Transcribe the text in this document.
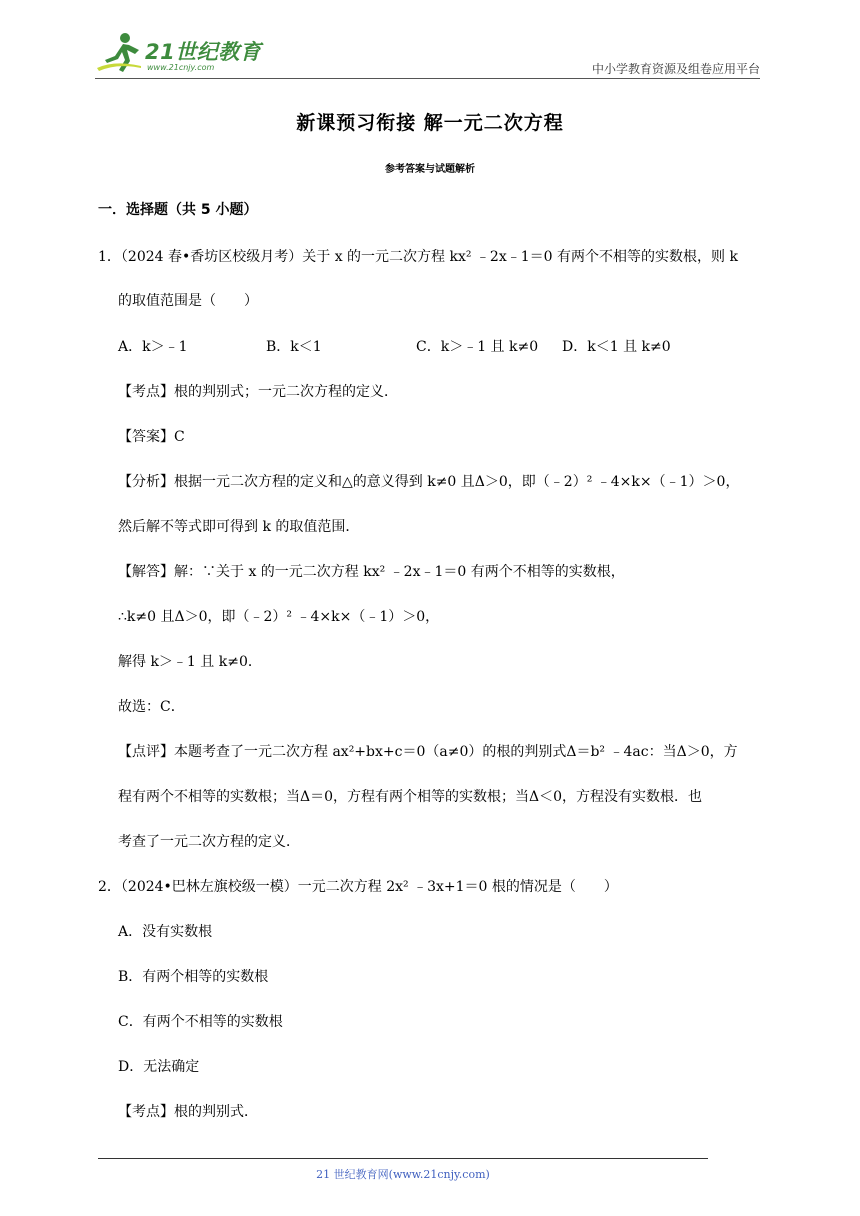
21世纪教育
www.21cnjy.com	中小学教育资源及组卷应用平台
新课预习衔接 解一元二次方程
参考答案与试题解析
一．选择题（共 5 小题）
1．（2024 春•香坊区校级月考）关于 x 的一元二次方程 kx² ﹣2x﹣1＝0 有两个不相等的实数根，则 k
的取值范围是（　　）
A．k＞﹣1	B．k＜1	C．k＞﹣1 且 k≠0 D．k＜1 且 k≠0
【考点】根的判别式；一元二次方程的定义．
【答案】C
【分析】根据一元二次方程的定义和△的意义得到 k≠0 且Δ＞0，即（﹣2）² ﹣4×k×（﹣1）＞0，
然后解不等式即可得到 k 的取值范围．
【解答】解：∵关于 x 的一元二次方程 kx² ﹣2x﹣1＝0 有两个不相等的实数根，
∴k≠0 且Δ＞0，即（﹣2）² ﹣4×k×（﹣1）＞0，
解得 k＞﹣1 且 k≠0．
故选：C．
【点评】本题考查了一元二次方程 ax²+bx+c＝0（a≠0）的根的判别式Δ＝b² ﹣4ac：当Δ＞0，方
程有两个不相等的实数根；当Δ＝0，方程有两个相等的实数根；当Δ＜0，方程没有实数根．也
考查了一元二次方程的定义．
2．（2024•巴林左旗校级一模）一元二次方程 2x² ﹣3x+1＝0 根的情况是（　　）
A．没有实数根
B．有两个相等的实数根
C．有两个不相等的实数根
D．无法确定
【考点】根的判别式．
21 世纪教育网(www.21cnjy.com)
